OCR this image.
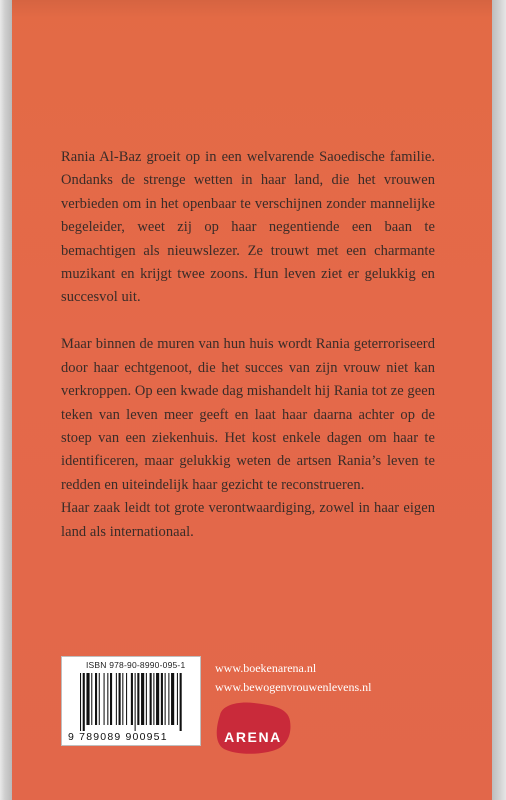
Rania Al-Baz groeit op in een welvarende Saoedische familie. Ondanks de strenge wetten in haar land, die het vrouwen verbieden om in het openbaar te verschijnen zonder mannelijke begeleider, weet zij op haar negentiende een baan te bemachtigen als nieuwslezer. Ze trouwt met een charmante muzikant en krijgt twee zoons. Hun leven ziet er gelukkig en succesvol uit.

Maar binnen de muren van hun huis wordt Rania geterroriseerd door haar echtgenoot, die het succes van zijn vrouw niet kan verkroppen. Op een kwade dag mishandelt hij Rania tot ze geen teken van leven meer geeft en laat haar daarna achter op de stoep van een ziekenhuis. Het kost enkele dagen om haar te identificeren, maar gelukkig weten de artsen Rania’s leven te redden en uiteindelijk haar gezicht te reconstrueren.

Haar zaak leidt tot grote verontwaardiging, zowel in haar eigen land als internationaal.

ISBN 978-90-8990-095-1
9 789089 900951
www.boekenarena.nl
www.bewogenvrouwenlevens.nl
ARENA
